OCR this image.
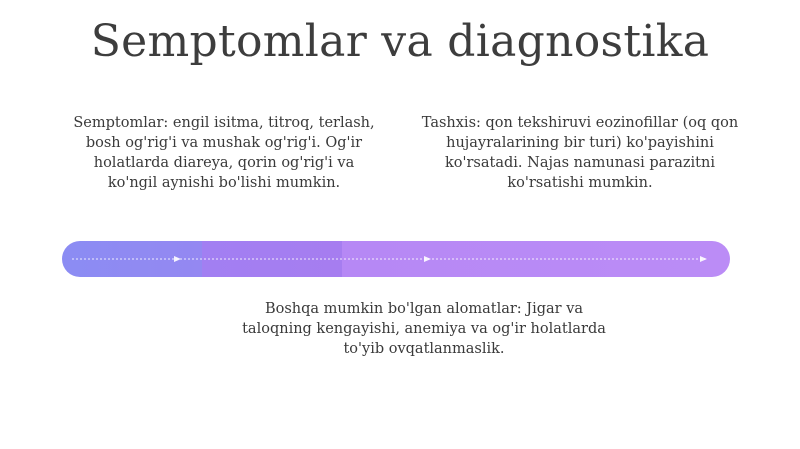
Semptomlar va diagnostika

Semptomlar: engil isitma, titroq, terlash, bosh og'rig'i va mushak og'rig'i. Og'ir holatlarda diareya, qorin og'rig'i va ko'ngil aynishi bo'lishi mumkin.

Tashxis: qon tekshiruvi eozinofillar (oq qon hujayralarining bir turi) ko'payishini ko'rsatadi. Najas namunasi parazitni ko'rsatishi mumkin.

Boshqa mumkin bo'lgan alomatlar: Jigar va taloqning kengayishi, anemiya va og'ir holatlarda to'yib ovqatlanmaslik.
